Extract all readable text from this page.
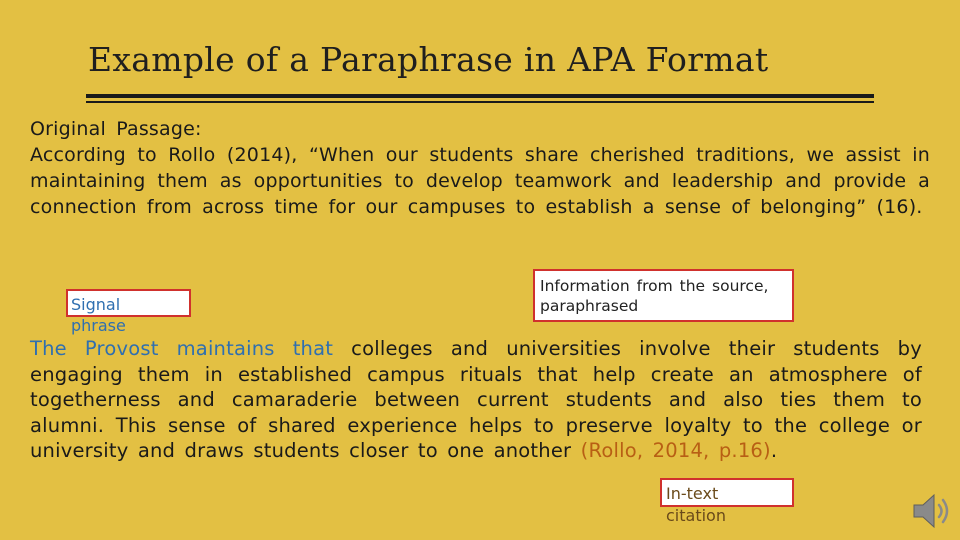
Example of a Paraphrase in APA Format
Original Passage:
According to Rollo (2014), “When our students share cherished traditions, we assist in maintaining them as opportunities to develop teamwork and leadership and provide a connection from across time for our campuses to establish a sense of belonging” (16).
Signal phrase
Information from the source, paraphrased
The Provost maintains that colleges and universities involve their students by engaging them in established campus rituals that help create an atmosphere of togetherness and camaraderie between current students and also ties them to alumni. This sense of shared experience helps to preserve loyalty to the college or university and draws students closer to one another (Rollo, 2014, p.16).
In-text citation
